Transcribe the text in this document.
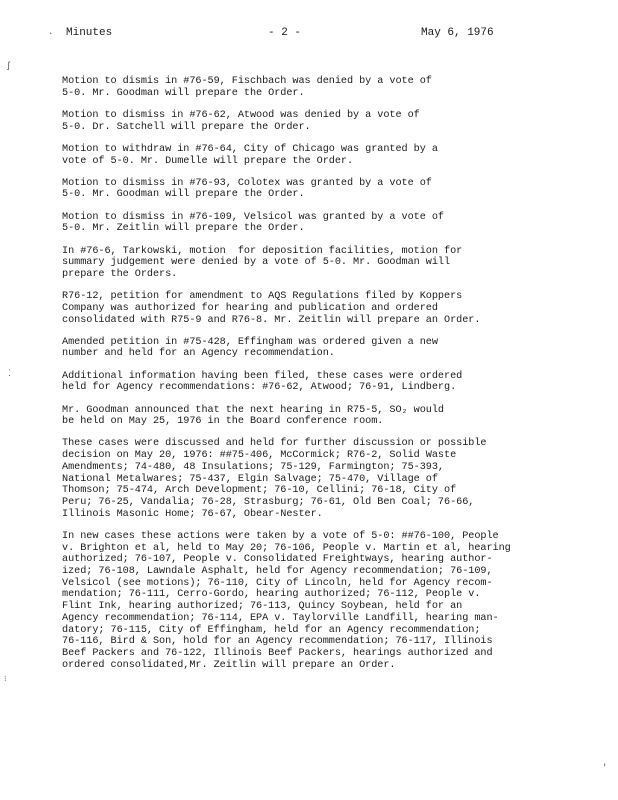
Minutes	- 2 -	May 6, 1976
ʃ
⁚
⁝
'
·

Motion to dismis in #76-59, Fischbach was denied by a vote of
5-0. Mr. Goodman will prepare the Order.

Motion to dismiss in #76-62, Atwood was denied by a vote of
5-0. Dr. Satchell will prepare the Order.

Motion to withdraw in #76-64, City of Chicago was granted by a
vote of 5-0. Mr. Dumelle will prepare the Order.

Motion to dismiss in #76-93, Colotex was granted by a vote of
5-0. Mr. Goodman will prepare the Order.

Motion to dismiss in #76-109, Velsicol was granted by a vote of
5-0. Mr. Zeitlin will prepare the Order.

In #76-6, Tarkowski, motion  for deposition facilities, motion for
summary judgement were denied by a vote of 5-0. Mr. Goodman will
prepare the Orders.

R76-12, petition for amendment to AQS Regulations filed by Koppers
Company was authorized for hearing and publication and ordered
consolidated with R75-9 and R76-8. Mr. Zeitlin will prepare an Order.

Amended petition in #75-428, Effingham was ordered given a new
number and held for an Agency recommendation.

Additional information having been filed, these cases were ordered
held for Agency recommendations: #76-62, Atwood; 76-91, Lindberg.

Mr. Goodman announced that the next hearing in R75-5, SO₂ would
be held on May 25, 1976 in the Board conference room.

These cases were discussed and held for further discussion or possible
decision on May 20, 1976: ##75-406, McCormick; R76-2, Solid Waste
Amendments; 74-480, 48 Insulations; 75-129, Farmington; 75-393,
National Metalwares; 75-437, Elgin Salvage; 75-470, Village of
Thomson; 75-474, Arch Development; 76-10, Cellini; 76-18, City of
Peru; 76-25, Vandalia; 76-28, Strasburg; 76-61, Old Ben Coal; 76-66,
Illinois Masonic Home; 76-67, Obear-Nester.

In new cases these actions were taken by a vote of 5-0: ##76-100, People
v. Brighton et al, held to May 20; 76-106, People v. Martin et al, hearing
authorized; 76-107, People v. Consolidated Freightways, hearing author-
ized; 76-108, Lawndale Asphalt, held for Agency recommendation; 76-109,
Velsicol (see motions); 76-110, City of Lincoln, held for Agency recom-
mendation; 76-111, Cerro-Gordo, hearing authorized; 76-112, People v.
Flint Ink, hearing authorized; 76-113, Quincy Soybean, held for an
Agency recommendation; 76-114, EPA v. Taylorville Landfill, hearing man-
datory; 76-115, City of Effingham, held for an Agency recommendation;
76-116, Bird & Son, hold for an Agency recommendation; 76-117, Illinois
Beef Packers and 76-122, Illinois Beef Packers, hearings authorized and
ordered consolidated,Mr. Zeitlin will prepare an Order.
